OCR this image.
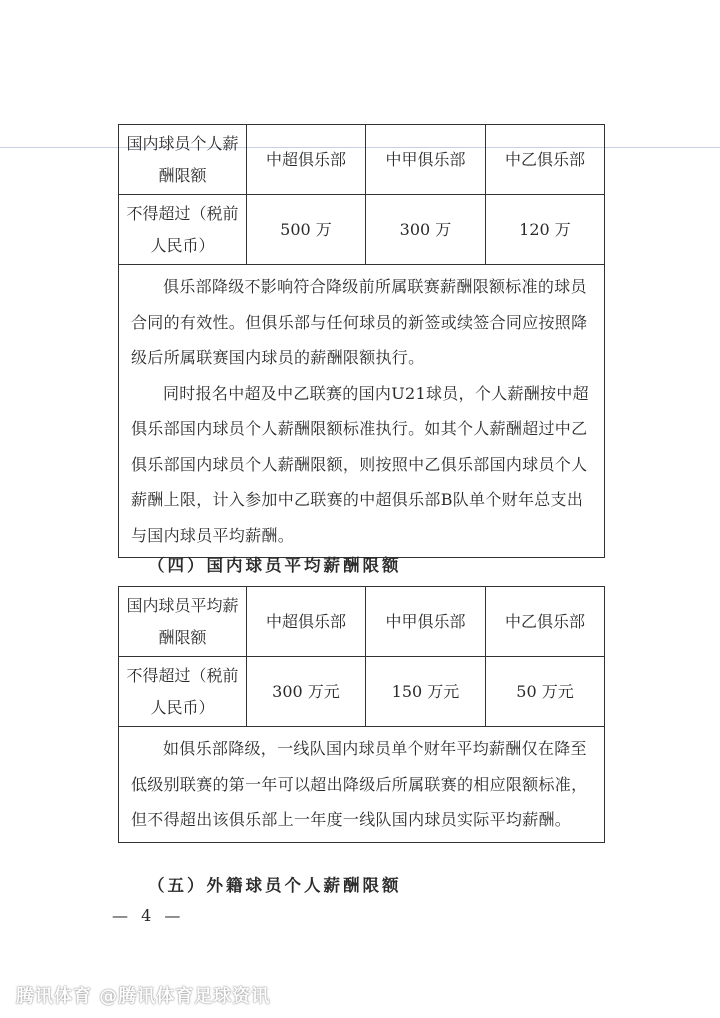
国内球员个人薪酬限额	中超俱乐部	中甲俱乐部	中乙俱乐部
不得超过（税前人民币）	500 万	300 万	120 万

俱乐部降级不影响符合降级前所属联赛薪酬限额标准的球员合同的有效性。但俱乐部与任何球员的新签或续签合同应按照降级后所属联赛国内球员的薪酬限额执行。

同时报名中超及中乙联赛的国内U21球员，个人薪酬按中超俱乐部国内球员个人薪酬限额标准执行。如其个人薪酬超过中乙俱乐部国内球员个人薪酬限额，则按照中乙俱乐部国内球员个人薪酬上限，计入参加中乙联赛的中超俱乐部B队单个财年总支出与国内球员平均薪酬。			

（四）国内球员平均薪酬限额
国内球员平均薪酬限额	中超俱乐部	中甲俱乐部	中乙俱乐部
不得超过（税前人民币）	300 万元	150 万元	50 万元

如俱乐部降级，一线队国内球员单个财年平均薪酬仅在降至低级别联赛的第一年可以超出降级后所属联赛的相应限额标准，但不得超出该俱乐部上一年度一线队国内球员实际平均薪酬。			

（五）外籍球员个人薪酬限额
— 4 —
腾讯体育 @腾讯体育足球资讯
